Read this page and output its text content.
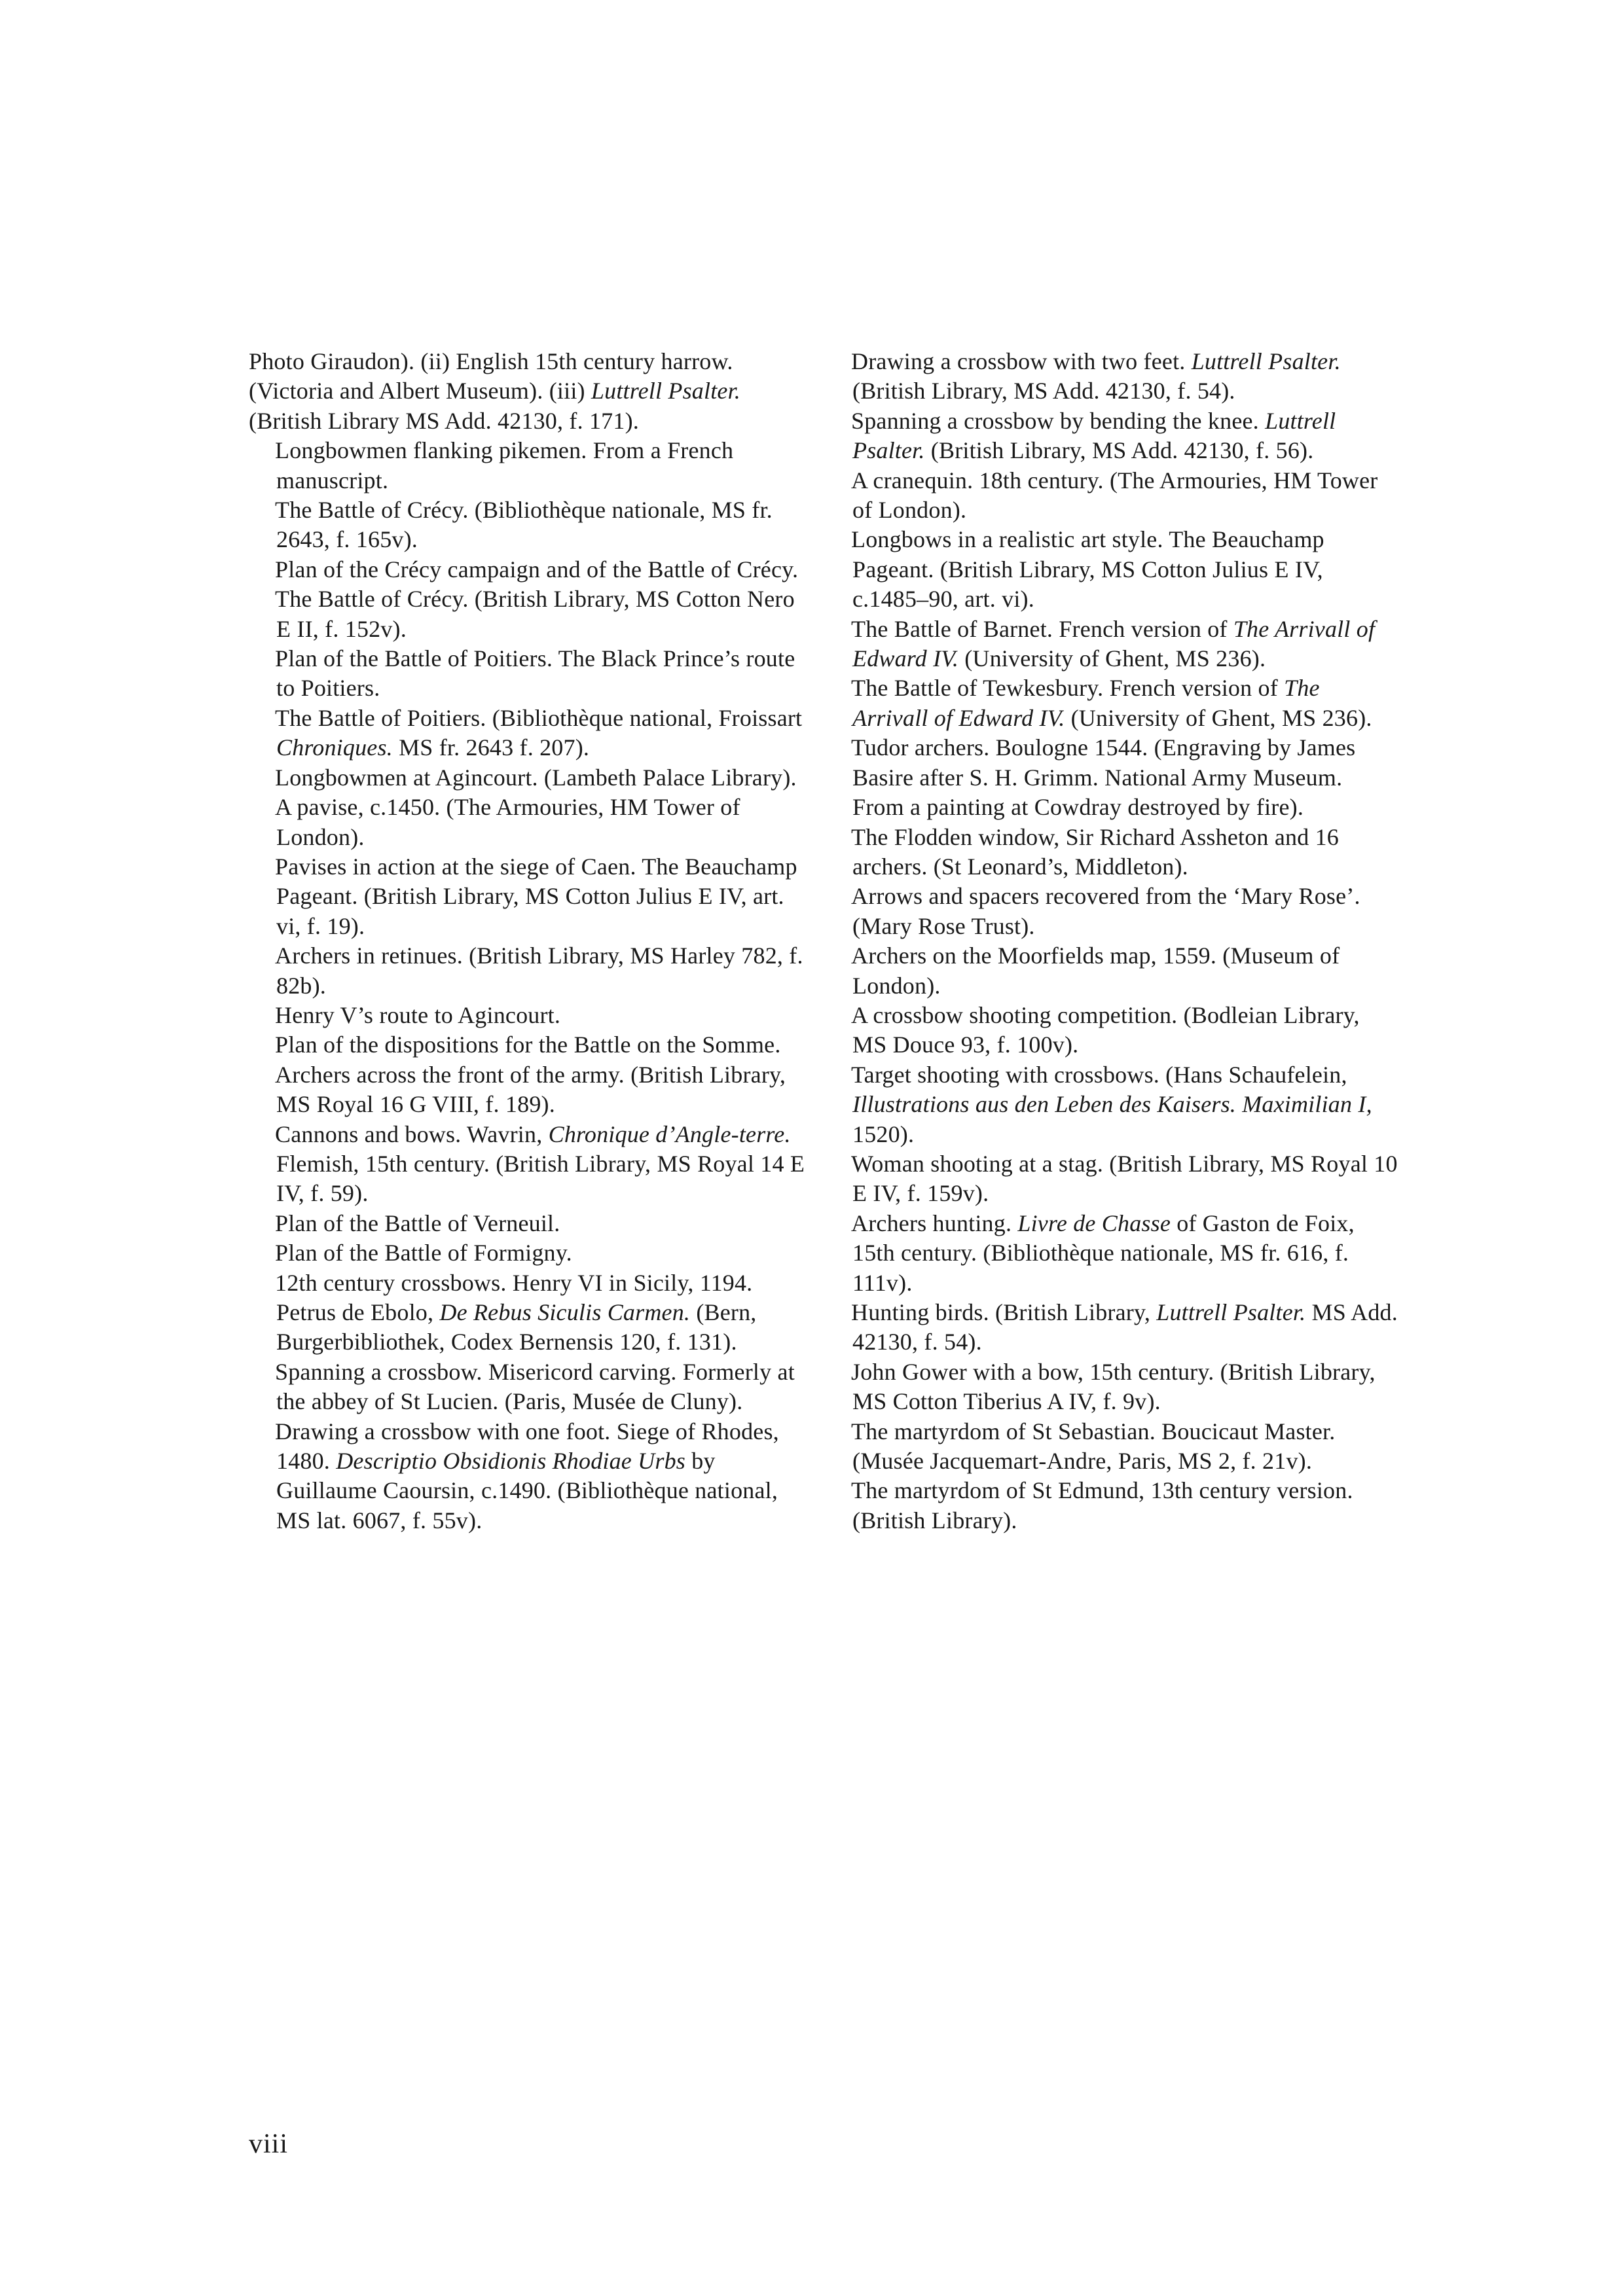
Photo Giraudon). (ii) English 15th century harrow. (Victoria and Albert Museum). (iii) Luttrell Psalter. (British Library MS Add. 42130, f. 171).

Longbowmen flanking pikemen. From a French manuscript.

The Battle of Crécy. (Bibliothèque nationale, MS fr. 2643, f. 165v).

Plan of the Crécy campaign and of the Battle of Crécy.

The Battle of Crécy. (British Library, MS Cotton Nero E II, f. 152v).

Plan of the Battle of Poitiers. The Black Prince’s route to Poitiers.

The Battle of Poitiers. (Bibliothèque national, Froissart Chroniques. MS fr. 2643 f. 207).

Longbowmen at Agincourt. (Lambeth Palace Library).

A pavise, c.1450. (The Armouries, HM Tower of London).

Pavises in action at the siege of Caen. The Beauchamp Pageant. (British Library, MS Cotton Julius E IV, art. vi, f. 19).

Archers in retinues. (British Library, MS Harley 782, f. 82b).

Henry V’s route to Agincourt.

Plan of the dispositions for the Battle on the Somme.

Archers across the front of the army. (British Library, MS Royal 16 G VIII, f. 189).

Cannons and bows. Wavrin, Chronique d’Angle-terre. Flemish, 15th century. (British Library, MS Royal 14 E IV, f. 59).

Plan of the Battle of Verneuil.

Plan of the Battle of Formigny.

12th century crossbows. Henry VI in Sicily, 1194. Petrus de Ebolo, De Rebus Siculis Carmen. (Bern, Burgerbibliothek, Codex Bernensis 120, f. 131).

Spanning a crossbow. Misericord carving. Formerly at the abbey of St Lucien. (Paris, Musée de Cluny).

Drawing a crossbow with one foot. Siege of Rhodes, 1480. Descriptio Obsidionis Rhodiae Urbs by Guillaume Caoursin, c.1490. (Bibliothèque national, MS lat. 6067, f. 55v).

Drawing a crossbow with two feet. Luttrell Psalter. (British Library, MS Add. 42130, f. 54).

Spanning a crossbow by bending the knee. Luttrell Psalter. (British Library, MS Add. 42130, f. 56).

A cranequin. 18th century. (The Armouries, HM Tower of London).

Longbows in a realistic art style. The Beauchamp Pageant. (British Library, MS Cotton Julius E IV, c.1485–90, art. vi).

The Battle of Barnet. French version of The Arrivall of Edward IV. (University of Ghent, MS 236).

The Battle of Tewkesbury. French version of The Arrivall of Edward IV. (University of Ghent, MS 236).

Tudor archers. Boulogne 1544. (Engraving by James Basire after S. H. Grimm. National Army Museum. From a painting at Cowdray destroyed by fire).

The Flodden window, Sir Richard Assheton and 16 archers. (St Leonard’s, Middleton).

Arrows and spacers recovered from the ‘Mary Rose’. (Mary Rose Trust).

Archers on the Moorfields map, 1559. (Museum of London).

A crossbow shooting competition. (Bodleian Library, MS Douce 93, f. 100v).

Target shooting with crossbows. (Hans Schaufelein, Illustrations aus den Leben des Kaisers. Maximilian I, 1520).

Woman shooting at a stag. (British Library, MS Royal 10 E IV, f. 159v).

Archers hunting. Livre de Chasse of Gaston de Foix, 15th century. (Bibliothèque nationale, MS fr. 616, f. 111v).

Hunting birds. (British Library, Luttrell Psalter. MS Add. 42130, f. 54).

John Gower with a bow, 15th century. (British Library, MS Cotton Tiberius A IV, f. 9v).

The martyrdom of St Sebastian. Boucicaut Master. (Musée Jacquemart-Andre, Paris, MS 2, f. 21v).

The martyrdom of St Edmund, 13th century version. (British Library).

viii
